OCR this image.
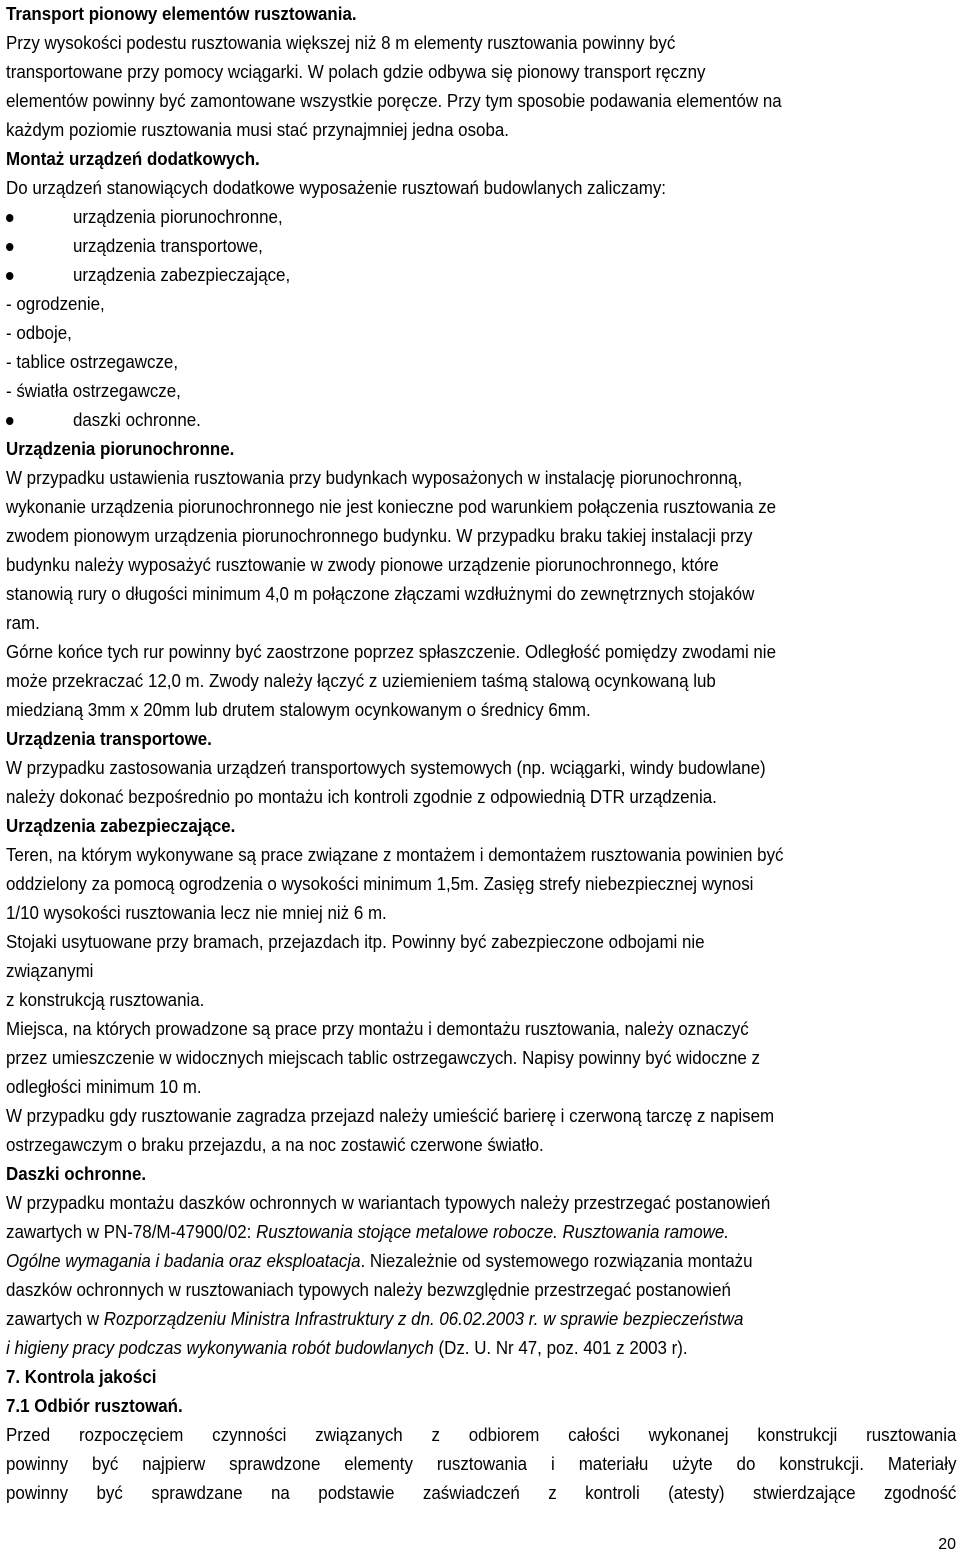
Transport pionowy elementów rusztowania.
Przy wysokości podestu rusztowania większej niż 8 m elementy rusztowania powinny być
transportowane przy pomocy wciągarki. W polach gdzie odbywa się pionowy transport ręczny
elementów powinny być zamontowane wszystkie poręcze. Przy tym sposobie podawania elementów na
każdym poziomie rusztowania musi stać przynajmniej jedna osoba.
Montaż urządzeń dodatkowych.
Do urządzeń stanowiących dodatkowe wyposażenie rusztowań budowlanych zaliczamy:
urządzenia piorunochronne,
urządzenia transportowe,
urządzenia zabezpieczające,
- ogrodzenie,
- odboje,
- tablice ostrzegawcze,
- światła ostrzegawcze,
daszki ochronne.
Urządzenia piorunochronne.
W przypadku ustawienia rusztowania przy budynkach wyposażonych w instalację piorunochronną,
wykonanie urządzenia piorunochronnego nie jest konieczne pod warunkiem połączenia rusztowania ze
zwodem pionowym urządzenia piorunochronnego budynku. W przypadku braku takiej instalacji przy
budynku należy wyposażyć rusztowanie w zwody pionowe urządzenie piorunochronnego, które
stanowią rury o długości minimum 4,0 m połączone złączami wzdłużnymi do zewnętrznych stojaków
ram.
Górne końce tych rur powinny być zaostrzone poprzez spłaszczenie. Odległość pomiędzy zwodami nie
może przekraczać 12,0 m. Zwody należy łączyć z uziemieniem taśmą stalową ocynkowaną lub
miedzianą 3mm x 20mm lub drutem stalowym ocynkowanym o średnicy 6mm.
Urządzenia transportowe.
W przypadku zastosowania urządzeń transportowych systemowych (np. wciągarki, windy budowlane)
należy dokonać bezpośrednio po montażu ich kontroli zgodnie z odpowiednią DTR urządzenia.
Urządzenia zabezpieczające.
Teren, na którym wykonywane są prace związane z montażem i demontażem rusztowania powinien być
oddzielony za pomocą ogrodzenia o wysokości minimum 1,5m. Zasięg strefy niebezpiecznej wynosi
1/10 wysokości rusztowania lecz nie mniej niż 6 m.
Stojaki usytuowane przy bramach, przejazdach itp. Powinny być zabezpieczone odbojami nie
związanymi
z konstrukcją rusztowania.
Miejsca, na których prowadzone są prace przy montażu i demontażu rusztowania, należy oznaczyć
przez umieszczenie w widocznych miejscach tablic ostrzegawczych. Napisy powinny być widoczne z
odległości minimum 10 m.
W przypadku gdy rusztowanie zagradza przejazd należy umieścić barierę i czerwoną tarczę z napisem
ostrzegawczym o braku przejazdu, a na noc zostawić czerwone światło.
Daszki ochronne.
W przypadku montażu daszków ochronnych w wariantach typowych należy przestrzegać postanowień
zawartych w PN-78/M-47900/02: Rusztowania stojące metalowe robocze. Rusztowania ramowe.
Ogólne wymagania i badania oraz eksploatacja. Niezależnie od systemowego rozwiązania montażu
daszków ochronnych w rusztowaniach typowych należy bezwzględnie przestrzegać postanowień
zawartych w Rozporządzeniu Ministra Infrastruktury z dn. 06.02.2003 r. w sprawie bezpieczeństwa
i higieny pracy podczas wykonywania robót budowlanych (Dz. U. Nr 47, poz. 401 z 2003 r).
7. Kontrola jakości
7.1 Odbiór rusztowań.
Przed rozpoczęciem czynności związanych z odbiorem całości wykonanej konstrukcji rusztowania
powinny być najpierw sprawdzone elementy rusztowania i materiału użyte do konstrukcji. Materiały
powinny być sprawdzane na podstawie zaświadczeń z kontroli (atesty) stwierdzające zgodność
20
